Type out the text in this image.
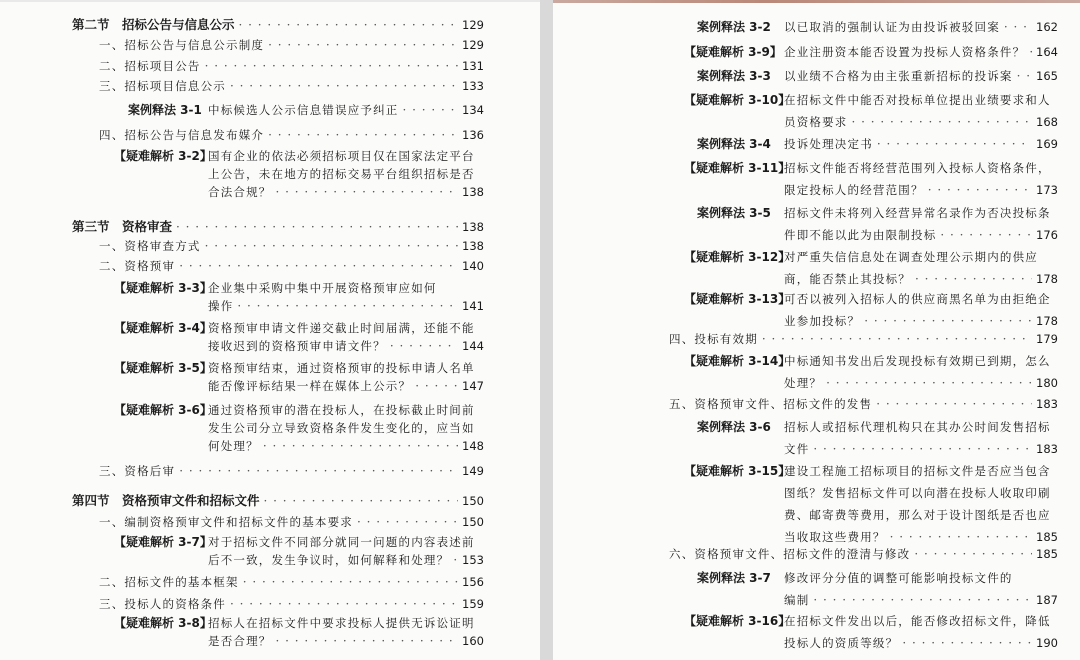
第二节　招标公告与信息公示 · · ·	129
一、招标公告与信息公示制度 · · ·	129
二、招标项目公告 · · ·	131
三、招标项目信息公示 · · ·	133
案例释法 3-1 中标候选人公示信息错误应予纠正 · · ·	134
四、招标公告与信息发布媒介 · · ·	136
【疑难解析 3-2】
国有企业的依法必须招标项目仅在国家法定平台
上公告，未在地方的招标交易平台组织招标是否
合法合规？ · · ·	138
第三节　资格审查 · · ·	138
一、资格审查方式 · · ·	138
二、资格预审 · · ·	140
【疑难解析 3-3】
企业集中采购中集中开展资格预审应如何
操作 · · ·	141
【疑难解析 3-4】
资格预审申请文件递交截止时间届满，还能不能
接收迟到的资格预审申请文件？ · · ·	144
【疑难解析 3-5】
资格预审结束，通过资格预审的投标申请人名单
能否像评标结果一样在媒体上公示？ · · ·	147
【疑难解析 3-6】
通过资格预审的潜在投标人，在投标截止时间前
发生公司分立导致资格条件发生变化的，应当如
何处理？ · · ·	148
三、资格后审 · · ·	149
第四节　资格预审文件和招标文件 · · ·	150
一、编制资格预审文件和招标文件的基本要求 · · ·	150
【疑难解析 3-7】
对于招标文件不同部分就同一问题的内容表述前
后不一致，发生争议时，如何解释和处理？ · · · 153
二、招标文件的基本框架 · · ·	156
三、投标人的资格条件 · · ·	159
【疑难解析 3-8】
招标人在招标文件中要求投标人提供无诉讼证明
是否合理？ · · ·	160
案例释法 3-2 以已取消的强制认证为由投诉被驳回案 · · ·	162
【疑难解析 3-9】 企业注册资本能否设置为投标人资格条件？ · · · 164
案例释法 3-3 以业绩不合格为由主张重新招标的投诉案 · · · 165
【疑难解析 3-10】
在招标文件中能否对投标单位提出业绩要求和人
员资格要求 · · ·	168
案例释法 3-4 投诉处理决定书 · · ·	169
【疑难解析 3-11】
招标文件能否将经营范围列入投标人资格条件，
限定投标人的经营范围？ · · ·	173
案例释法 3-5 招标文件未将列入经营异常名录作为否决投标条
件即不能以此为由限制投标 · · ·	176
【疑难解析 3-12】
对严重失信信息处在调查处理公示期内的供应
商，能否禁止其投标？ · · ·	178
【疑难解析 3-13】
可否以被列入招标人的供应商黑名单为由拒绝企
业参加投标？ · · ·	178
四、投标有效期 · · ·	179
【疑难解析 3-14】
中标通知书发出后发现投标有效期已到期，怎么
处理？ · · ·	180
五、资格预审文件、招标文件的发售 · · ·	183
案例释法 3-6 招标人或招标代理机构只在其办公时间发售招标
文件 · · ·	183
【疑难解析 3-15】
建设工程施工招标项目的招标文件是否应当包含
图纸？发售招标文件可以向潜在投标人收取印刷
费、邮寄费等费用，那么对于设计图纸是否也应
当收取这些费用？ · · ·	185
六、资格预审文件、招标文件的澄清与修改 · · ·	185
案例释法 3-7 修改评分分值的调整可能影响投标文件的
编制 · · ·	187
【疑难解析 3-16】
在招标文件发出以后，能否修改招标文件，降低
投标人的资质等级？ · · ·	190
